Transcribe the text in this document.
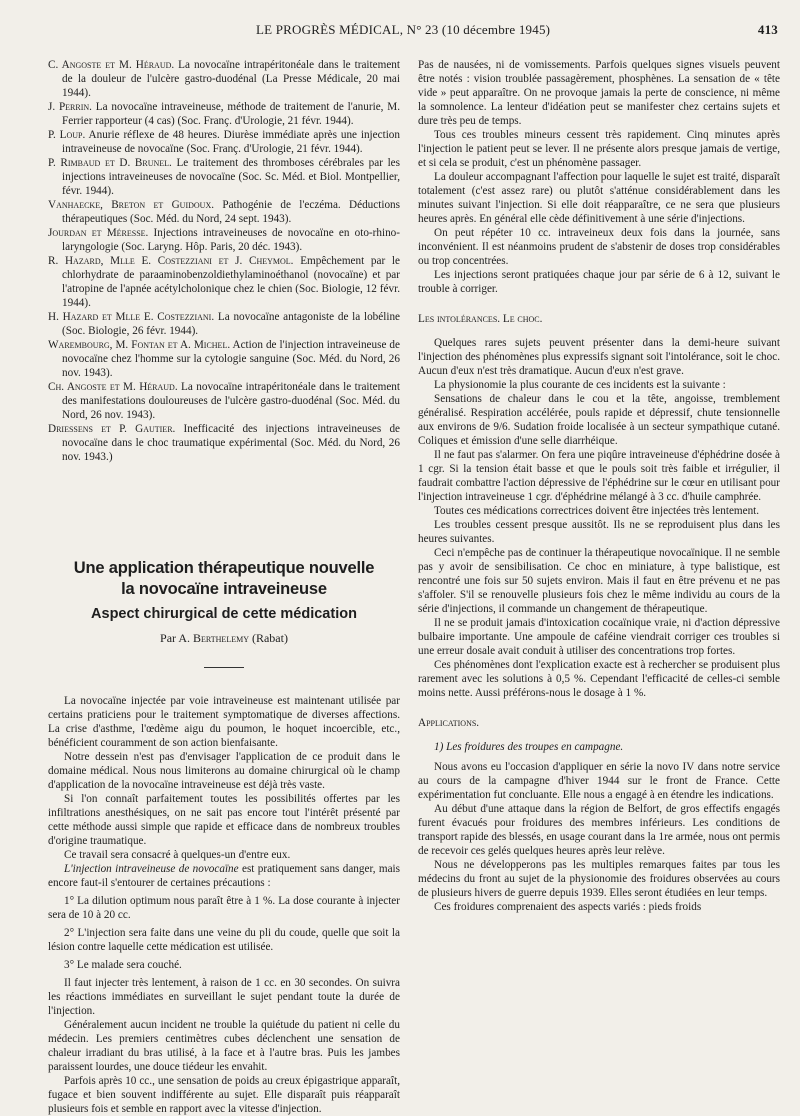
LE PROGRÈS MÉDICAL, N° 23 (10 décembre 1945)	413

C. Angoste et M. Héraud. La novocaïne intrapéritonéale dans le traitement de la douleur de l'ulcère gastro-duodénal (La Presse Médicale, 20 mai 1944).

J. Perrin. La novocaïne intraveineuse, méthode de traitement de l'anurie, M. Ferrier rapporteur (4 cas) (Soc. Franç. d'Urologie, 21 févr. 1944).

P. Loup. Anurie réflexe de 48 heures. Diurèse immédiate après une injection intraveineuse de novocaïne (Soc. Franç. d'Urologie, 21 févr. 1944).

P. Rimbaud et D. Brunel. Le traitement des thromboses cérébrales par les injections intraveineuses de novocaïne (Soc. Sc. Méd. et Biol. Montpellier, févr. 1944).

Vanhaecke, Breton et Guidoux. Pathogénie de l'eczéma. Déductions thérapeutiques (Soc. Méd. du Nord, 24 sept. 1943).

Jourdan et Méresse. Injections intraveineuses de novocaïne en oto-rhino-laryngologie (Soc. Laryng. Hôp. Paris, 20 déc. 1943).

R. Hazard, Mlle E. Costezziani et J. Cheymol. Empêchement par le chlorhydrate de paraaminobenzoldiethylaminoéthanol (novocaïne) et par l'atropine de l'apnée acétylcholonique chez le chien (Soc. Biologie, 12 févr. 1944).

H. Hazard et Mlle E. Costezziani. La novocaïne antagoniste de la lobéline (Soc. Biologie, 26 févr. 1944).

Warembourg, M. Fontan et A. Michel. Action de l'injection intraveineuse de novocaïne chez l'homme sur la cytologie sanguine (Soc. Méd. du Nord, 26 nov. 1943).

Ch. Angoste et M. Héraud. La novocaïne intrapéritonéale dans le traitement des manifestations douloureuses de l'ulcère gastro-duodénal (Soc. Méd. du Nord, 26 nov. 1943).

Driessens et P. Gautier. Inefficacité des injections intraveineuses de novocaïne dans le choc traumatique expérimental (Soc. Méd. du Nord, 26 nov. 1943.)

Une application thérapeutique nouvelle

la novocaïne intraveineuse

Aspect chirurgical de cette médication

Par A. Berthelemy (Rabat)

La novocaïne injectée par voie intraveineuse est maintenant utilisée par certains praticiens pour le traitement symptomatique de diverses affections. La crise d'asthme, l'œdème aigu du poumon, le hoquet incoercible, etc., bénéficient couramment de son action bienfaisante.

Notre dessein n'est pas d'envisager l'application de ce produit dans le domaine médical. Nous nous limiterons au domaine chirurgical où le champ d'application de la novocaïne intraveineuse est déjà très vaste.

Si l'on connaît parfaitement toutes les possibilités offertes par les infiltrations anesthésiques, on ne sait pas encore tout l'intérêt présenté par cette méthode aussi simple que rapide et efficace dans de nombreux troubles d'origine traumatique.

Ce travail sera consacré à quelques-un d'entre eux.

L'injection intraveineuse de novocaïne est pratiquement sans danger, mais encore faut-il s'entourer de certaines précautions :

1° La dilution optimum nous paraît être à 1 %. La dose courante à injecter sera de 10 à 20 cc.

2° L'injection sera faite dans une veine du pli du coude, quelle que soit la lésion contre laquelle cette médication est utilisée.

3° Le malade sera couché.

Il faut injecter très lentement, à raison de 1 cc. en 30 secondes. On suivra les réactions immédiates en surveillant le sujet pendant toute la durée de l'injection.

Généralement aucun incident ne trouble la quiétude du patient ni celle du médecin. Les premiers centimètres cubes déclenchent une sensation de chaleur irradiant du bras utilisé, à la face et à l'autre bras. Puis les jambes paraissent lourdes, une douce tiédeur les envahit.

Parfois après 10 cc., une sensation de poids au creux épigastrique apparaît, fugace et bien souvent indifférente au sujet. Elle disparaît puis réapparaît plusieurs fois et semble en rapport avec la vitesse d'injection.

Pas de nausées, ni de vomissements. Parfois quelques signes visuels peuvent être notés : vision troublée passagèrement, phosphènes. La sensation de « tête vide » peut apparaître. On ne provoque jamais la perte de conscience, ni même la somnolence. La lenteur d'idéation peut se manifester chez certains sujets et dure très peu de temps.

Tous ces troubles mineurs cessent très rapidement. Cinq minutes après l'injection le patient peut se lever. Il ne présente alors presque jamais de vertige, et si cela se produit, c'est un phénomène passager.

La douleur accompagnant l'affection pour laquelle le sujet est traité, disparaît totalement (c'est assez rare) ou plutôt s'atténue considérablement dans les minutes suivant l'injection. Si elle doit réapparaître, ce ne sera que plusieurs heures après. En général elle cède définitivement à une série d'injections.

On peut répéter 10 cc. intraveineux deux fois dans la journée, sans inconvénient. Il est néanmoins prudent de s'abstenir de doses trop considérables ou trop concentrées.

Les injections seront pratiquées chaque jour par série de 6 à 12, suivant le trouble à corriger.

Les intolérances. Le choc.

Quelques rares sujets peuvent présenter dans la demi-heure suivant l'injection des phénomènes plus expressifs signant soit l'intolérance, soit le choc. Aucun d'eux n'est très dramatique. Aucun d'eux n'est grave.

La physionomie la plus courante de ces incidents est la suivante :

Sensations de chaleur dans le cou et la tête, angoisse, tremblement généralisé. Respiration accélérée, pouls rapide et dépressif, chute tensionnelle aux environs de 9/6. Sudation froide localisée à un secteur sympathique cutané. Coliques et émission d'une selle diarrhéique.

Il ne faut pas s'alarmer. On fera une piqûre intraveineuse d'éphédrine dosée à 1 cgr. Si la tension était basse et que le pouls soit très faible et irrégulier, il faudrait combattre l'action dépressive de l'éphédrine sur le cœur en utilisant pour l'injection intraveineuse 1 cgr. d'éphédrine mélangé à 3 cc. d'huile camphrée.

Toutes ces médications correctrices doivent être injectées très lentement.

Les troubles cessent presque aussitôt. Ils ne se reproduisent plus dans les heures suivantes.

Ceci n'empêche pas de continuer la thérapeutique novocaïnique. Il ne semble pas y avoir de sensibilisation. Ce choc en miniature, à type balistique, est rencontré une fois sur 50 sujets environ. Mais il faut en être prévenu et ne pas s'affoler. S'il se renouvelle plusieurs fois chez le même individu au cours de la série d'injections, il commande un changement de thérapeutique.

Il ne se produit jamais d'intoxication cocaïnique vraie, ni d'action dépressive bulbaire importante. Une ampoule de caféine viendrait corriger ces troubles si une erreur dosale avait conduit à utiliser des concentrations trop fortes.

Ces phénomènes dont l'explication exacte est à rechercher se produisent plus rarement avec les solutions à 0,5 %. Cependant l'efficacité de celles-ci semble moins nette. Aussi préférons-nous le dosage à 1 %.

Applications.

1) Les froidures des troupes en campagne.

Nous avons eu l'occasion d'appliquer en série la novo IV dans notre service au cours de la campagne d'hiver 1944 sur le front de France. Cette expérimentation fut concluante. Elle nous a engagé à en étendre les indications.

Au début d'une attaque dans la région de Belfort, de gros effectifs engagés furent évacués pour froidures des membres inférieurs. Les conditions de transport rapide des blessés, en usage courant dans la 1re armée, nous ont permis de recevoir ces gelés quelques heures après leur relève.

Nous ne développerons pas les multiples remarques faites par tous les médecins du front au sujet de la physionomie des froidures observées au cours de plusieurs hivers de guerre depuis 1939. Elles seront étudiées en leur temps.

Ces froidures comprenaient des aspects variés : pieds froids
